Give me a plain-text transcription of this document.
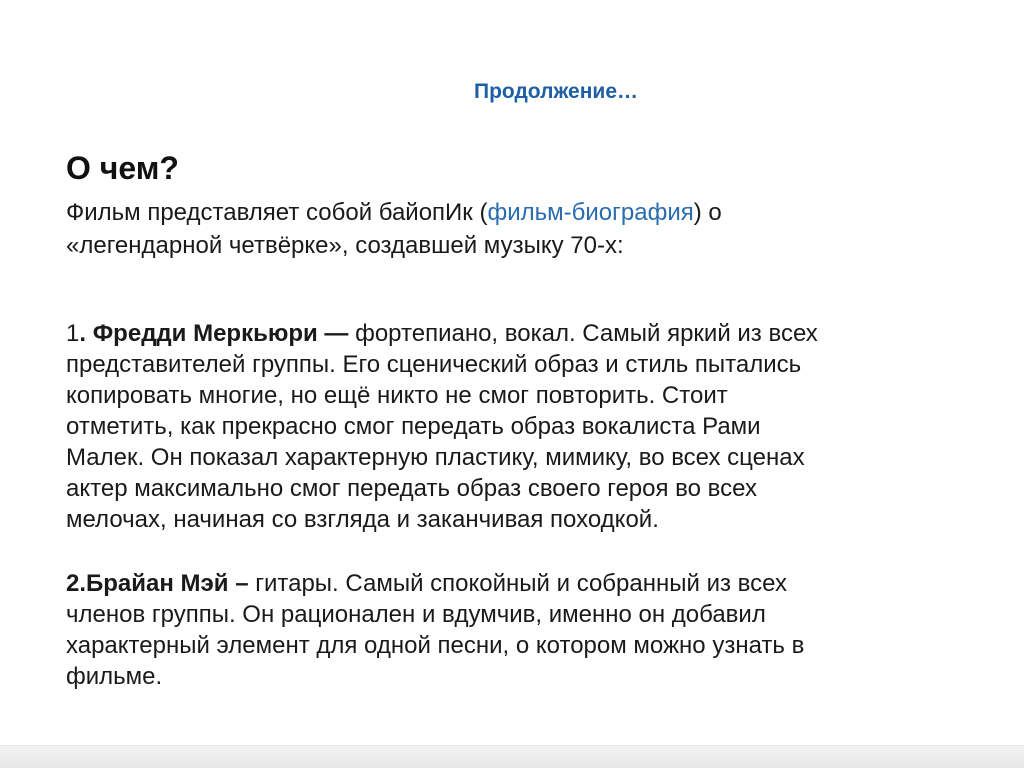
Продолжение…
О чем?
Фильм представляет собой байопИк (фильм-биография) о
«легендарной четвёрке», создавшей музыку 70-х:
1. Фредди Меркьюри — фортепиано, вокал. Самый яркий из всех
представителей группы. Его сценический образ и стиль пытались
копировать многие, но ещё никто не смог повторить. Стоит
отметить, как прекрасно смог передать образ вокалиста Рами
Малек. Он показал характерную пластику, мимику, во всех сценах
актер максимально смог передать образ своего героя во всех
мелочах, начиная со взгляда и заканчивая походкой.
2.Брайан Мэй – гитары. Самый спокойный и собранный из всех
членов группы. Он рационален и вдумчив, именно он добавил
характерный элемент для одной песни, о котором можно узнать в
фильме.
